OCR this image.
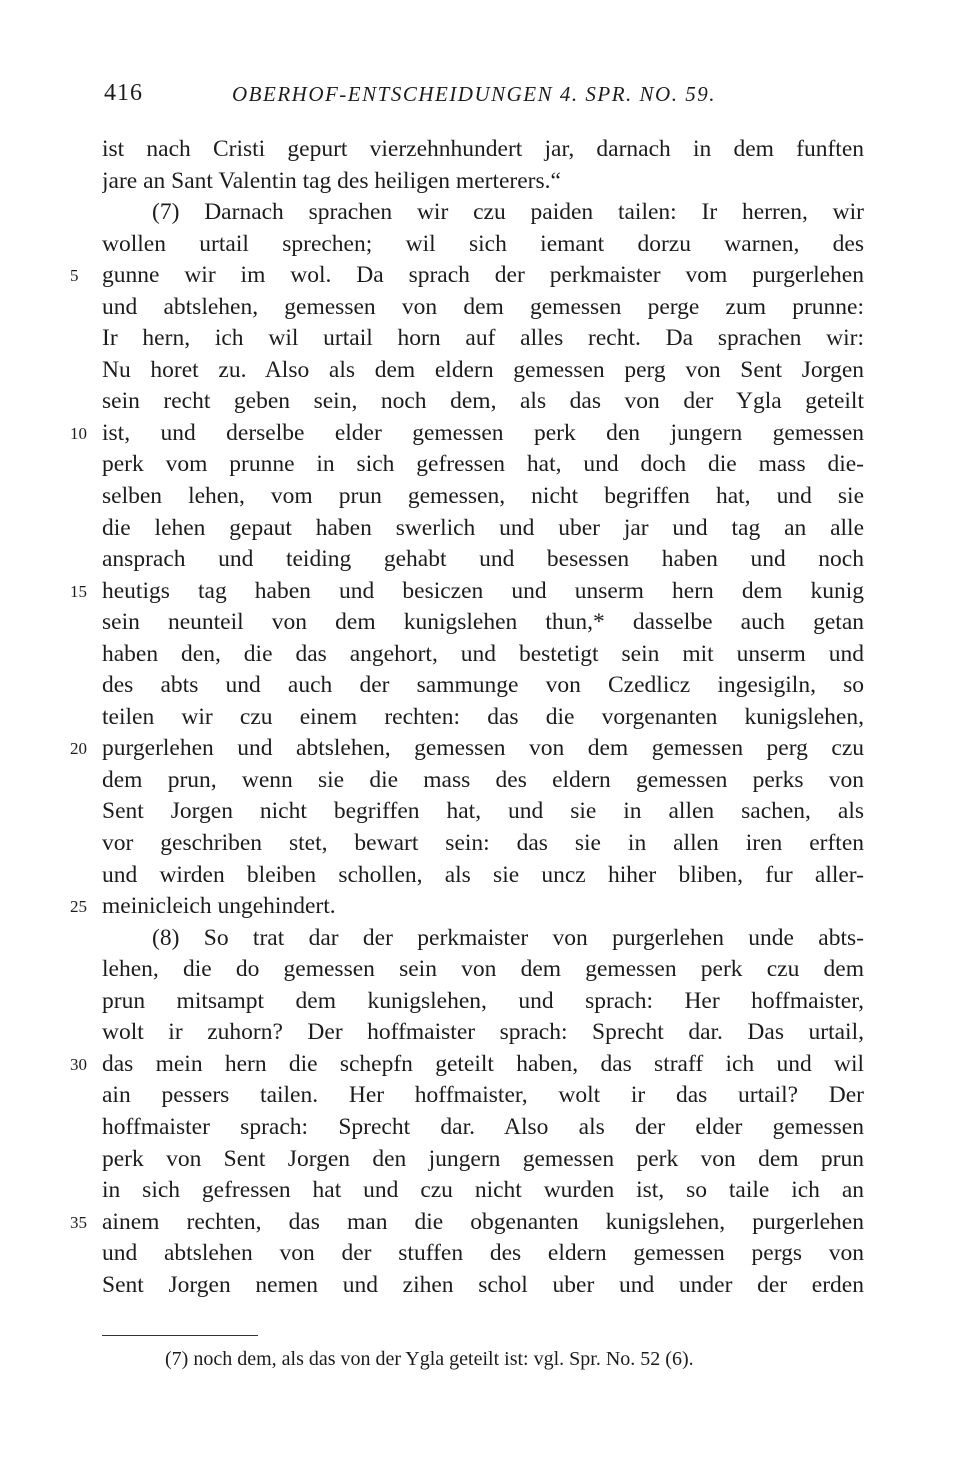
416	OBERHOF-ENTSCHEIDUNGEN 4. SPR. NO. 59.
ist nach Cristi gepurt vierzehnhundert jar, darnach in dem funften
jare an Sant Valentin tag des heiligen merterers.“
(7) Darnach sprachen wir czu paiden tailen: Ir herren, wir
wollen urtail sprechen; wil sich iemant dorzu warnen, des
5	gunne wir im wol. Da sprach der perkmaister vom purgerlehen
und abtslehen, gemessen von dem gemessen perge zum prunne:
Ir hern, ich wil urtail horn auf alles recht. Da sprachen wir:
Nu horet zu. Also als dem eldern gemessen perg von Sent Jorgen
sein recht geben sein, noch dem, als das von der Ygla geteilt
10 ist, und derselbe elder gemessen perk den jungern gemessen
perk vom prunne in sich gefressen hat, und doch die mass die-
selben lehen, vom prun gemessen, nicht begriffen hat, und sie
die lehen gepaut haben swerlich und uber jar und tag an alle
ansprach und teiding gehabt und besessen haben und noch
15 heutigs tag haben und besiczen und unserm hern dem kunig
sein neunteil von dem kunigslehen thun,* dasselbe auch getan
haben den, die das angehort, und bestetigt sein mit unserm und
des abts und auch der sammunge von Czedlicz ingesigiln, so
teilen wir czu einem rechten: das die vorgenanten kunigslehen,
20 purgerlehen und abtslehen, gemessen von dem gemessen perg czu
dem prun, wenn sie die mass des eldern gemessen perks von
Sent Jorgen nicht begriffen hat, und sie in allen sachen, als
vor geschriben stet, bewart sein: das sie in allen iren erften
und wirden bleiben schollen, als sie uncz hiher bliben, fur aller-
25 meinicleich ungehindert.
(8) So trat dar der perkmaister von purgerlehen unde abts-
lehen, die do gemessen sein von dem gemessen perk czu dem
prun mitsampt dem kunigslehen, und sprach: Her hoffmaister,
wolt ir zuhorn? Der hoffmaister sprach: Sprecht dar. Das urtail,
30 das mein hern die schepfn geteilt haben, das straff ich und wil
ain pessers tailen. Her hoffmaister, wolt ir das urtail? Der
hoffmaister sprach: Sprecht dar. Also als der elder gemessen
perk von Sent Jorgen den jungern gemessen perk von dem prun
in sich gefressen hat und czu nicht wurden ist, so taile ich an
35 ainem rechten, das man die obgenanten kunigslehen, purgerlehen
und abtslehen von der stuffen des eldern gemessen pergs von
Sent Jorgen nemen und zihen schol uber und under der erden
(7) noch dem, als das von der Ygla geteilt ist: vgl. Spr. No. 52 (6).
